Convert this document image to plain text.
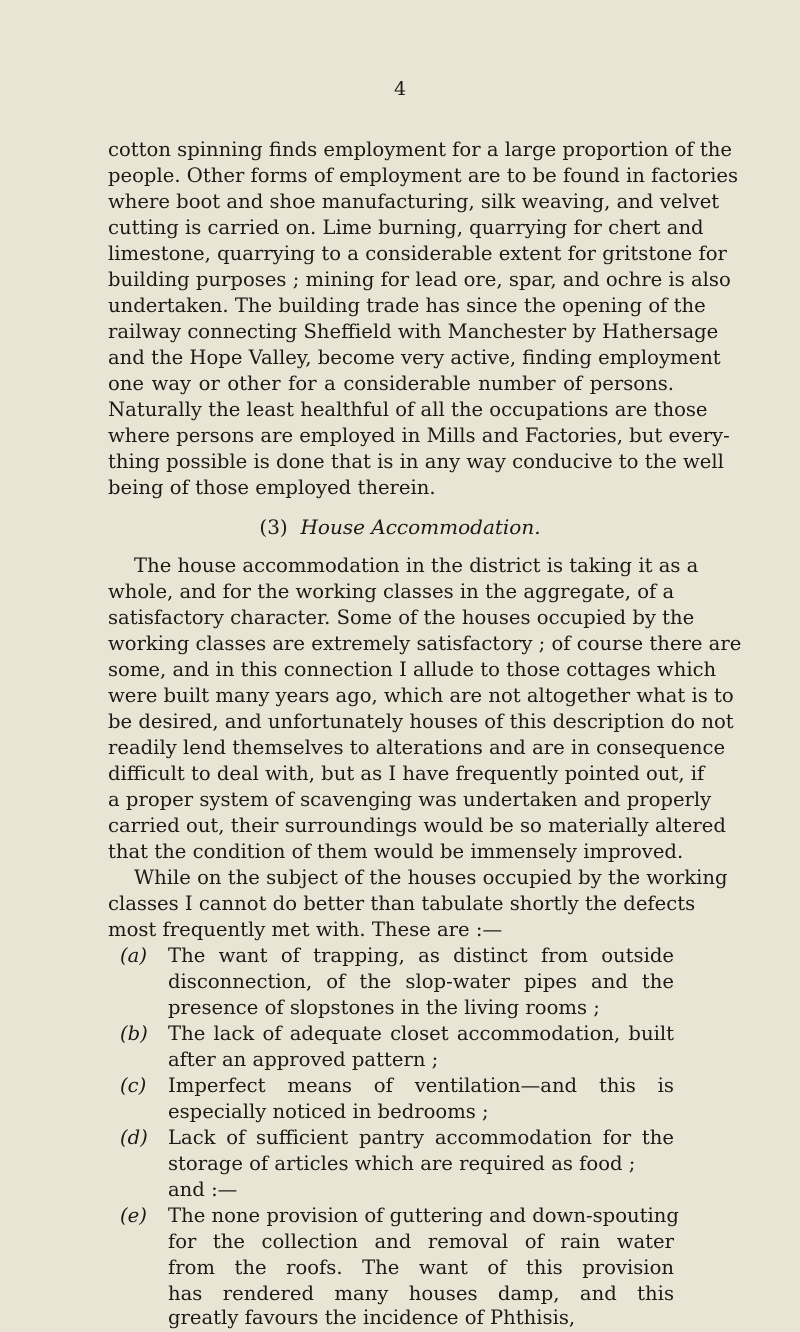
4
cotton spinning finds employment for a large proportion of the
people. Other forms of employment are to be found in factories
where boot and shoe manufacturing, silk weaving, and velvet
cutting is carried on. Lime burning, quarrying for chert and
limestone, quarrying to a considerable extent for gritstone for
building purposes ; mining for lead ore, spar, and ochre is also
undertaken. The building trade has since the opening of the
railway connecting Sheffield with Manchester by Hathersage
and the Hope Valley, become very active, finding employment
one way or other for a considerable number of persons.
Naturally the least healthful of all the occupations are those
where persons are employed in Mills and Factories, but every-
thing possible is done that is in any way conducive to the well
being of those employed therein.
(3) House Accommodation.
The house accommodation in the district is taking it as a
whole, and for the working classes in the aggregate, of a
satisfactory character. Some of the houses occupied by the
working classes are extremely satisfactory ; of course there are
some, and in this connection I allude to those cottages which
were built many years ago, which are not altogether what is to
be desired, and unfortunately houses of this description do not
readily lend themselves to alterations and are in consequence
difficult to deal with, but as I have frequently pointed out, if
a proper system of scavenging was undertaken and properly
carried out, their surroundings would be so materially altered
that the condition of them would be immensely improved.
While on the subject of the houses occupied by the working
classes I cannot do better than tabulate shortly the defects
most frequently met with. These are :—
(a) The want of trapping, as distinct from outside
disconnection, of the slop-water pipes and the
presence of slopstones in the living rooms ;
(b) The lack of adequate closet accommodation, built
after an approved pattern ;
(c) Imperfect means of ventilation—and this is
especially noticed in bedrooms ;
(d) Lack of sufficient pantry accommodation for the
storage of articles which are required as food ;
and :—
(e) The none provision of guttering and down-spouting
for the collection and removal of rain water
from the roofs. The want of this provision
has rendered many houses damp, and this
greatly favours the incidence of Phthisis,
